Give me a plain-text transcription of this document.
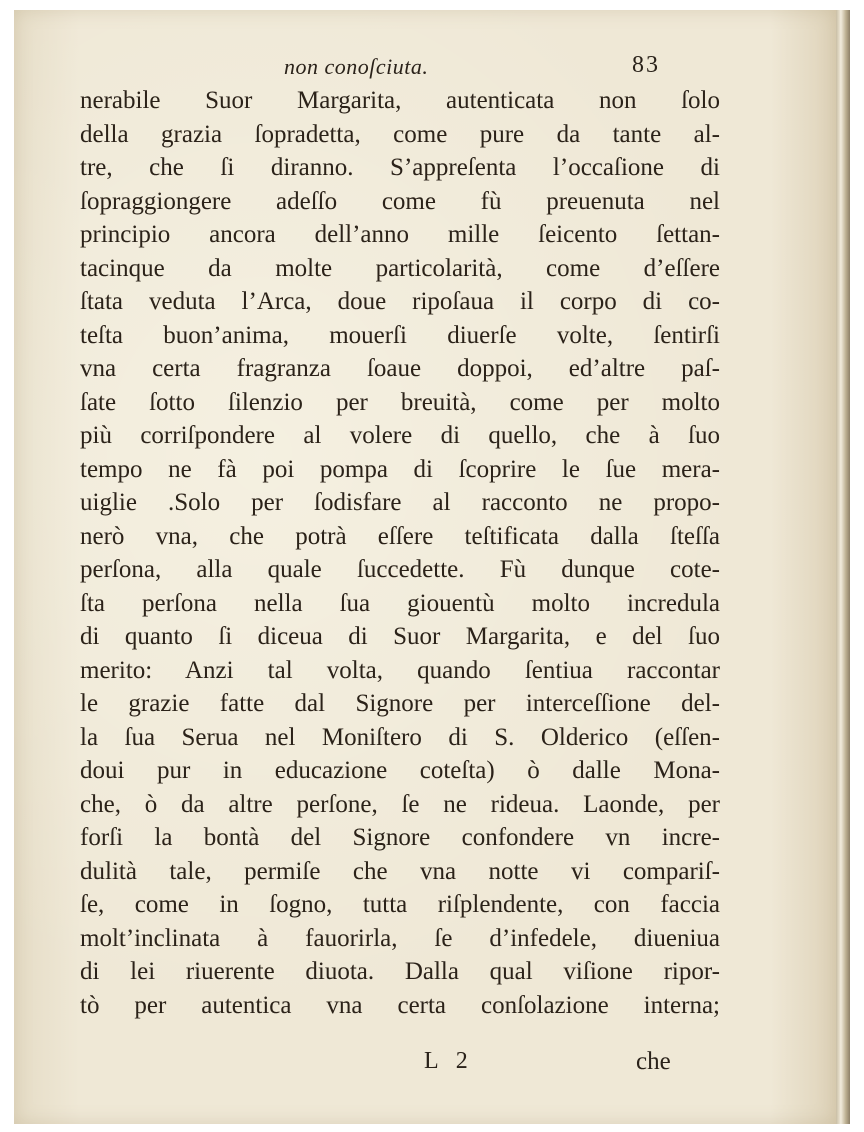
non conoſciuta.	83
nerabile Suor Margarita, autenticata non ſolo
della grazia ſopradetta, come pure da tante al-
tre, che ſi diranno. S’appreſenta l’occaſione di
ſopraggiongere adeſſo come fù preuenuta nel
principio ancora dell’anno mille ſeicento ſettan-
tacinque da molte particolarità, come d’eſſere
ſtata veduta l’Arca, doue ripoſaua il corpo di co-
teſta buon’anima, mouerſi diuerſe volte, ſentirſi
vna certa fragranza ſoaue doppoi, ed’altre paſ-
ſate ſotto ſilenzio per breuità, come per molto
più corriſpondere al volere di quello, che à ſuo
tempo ne fà poi pompa di ſcoprire le ſue mera-
uiglie .Solo per ſodisfare al racconto ne propo-
nerò vna, che potrà eſſere teſtificata dalla ſteſſa
perſona, alla quale ſuccedette. Fù dunque cote-
ſta perſona nella ſua giouentù molto incredula
di quanto ſi diceua di Suor Margarita, e del ſuo
merito: Anzi tal volta, quando ſentiua raccontar
le grazie fatte dal Signore per interceſſione del-
la ſua Serua nel Moniſtero di S. Olderico (eſſen-
doui pur in educazione coteſta) ò dalle Mona-
che, ò da altre perſone, ſe ne rideua. Laonde, per
forſi la bontà del Signore confondere vn incre-
dulità tale, permiſe che vna notte vi compariſ-
ſe, come in ſogno, tutta riſplendente, con faccia
molt’inclinata à fauorirla, ſe d’infedele, diueniua
di lei riuerente diuota. Dalla qual viſione ripor-
tò per autentica vna certa conſolazione interna;
L 2	che
